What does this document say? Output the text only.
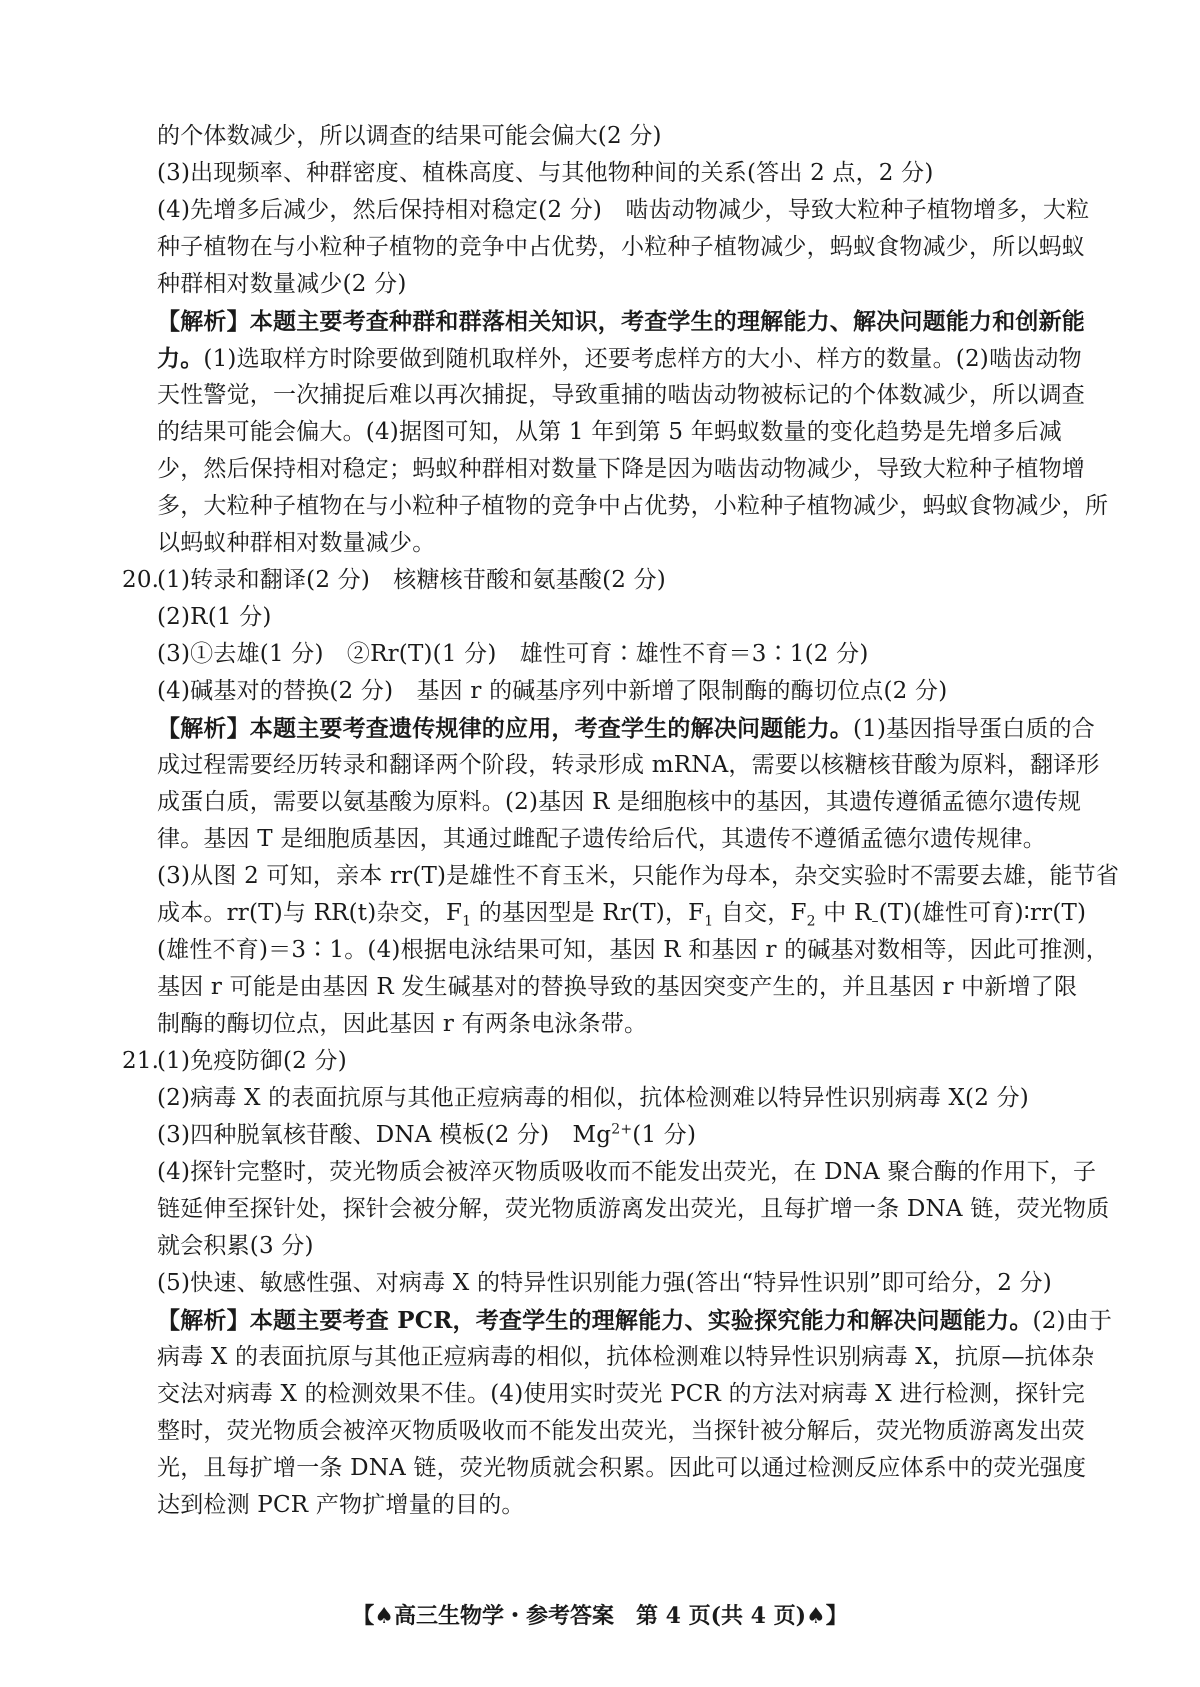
的个体数减少，所以调查的结果可能会偏大(2 分)
(3)出现频率、种群密度、植株高度、与其他物种间的关系(答出 2 点，2 分)
(4)先增多后减少，然后保持相对稳定(2 分)　啮齿动物减少，导致大粒种子植物增多，大粒
种子植物在与小粒种子植物的竞争中占优势，小粒种子植物减少，蚂蚁食物减少，所以蚂蚁
种群相对数量减少(2 分)
【解析】本题主要考查种群和群落相关知识，考查学生的理解能力、解决问题能力和创新能
力。(1)选取样方时除要做到随机取样外，还要考虑样方的大小、样方的数量。(2)啮齿动物
天性警觉，一次捕捉后难以再次捕捉，导致重捕的啮齿动物被标记的个体数减少，所以调查
的结果可能会偏大。(4)据图可知，从第 1 年到第 5 年蚂蚁数量的变化趋势是先增多后减
少，然后保持相对稳定；蚂蚁种群相对数量下降是因为啮齿动物减少，导致大粒种子植物增
多，大粒种子植物在与小粒种子植物的竞争中占优势，小粒种子植物减少，蚂蚁食物减少，所
以蚂蚁种群相对数量减少。
20.(1)转录和翻译(2 分)　核糖核苷酸和氨基酸(2 分)
(2)R(1 分)
(3)①去雄(1 分)　②Rr(T)(1 分)　雄性可育∶雄性不育＝3∶1(2 分)
(4)碱基对的替换(2 分)　基因 r 的碱基序列中新增了限制酶的酶切位点(2 分)
【解析】本题主要考查遗传规律的应用，考查学生的解决问题能力。(1)基因指导蛋白质的合
成过程需要经历转录和翻译两个阶段，转录形成 mRNA，需要以核糖核苷酸为原料，翻译形
成蛋白质，需要以氨基酸为原料。(2)基因 R 是细胞核中的基因，其遗传遵循孟德尔遗传规
律。基因 T 是细胞质基因，其通过雌配子遗传给后代，其遗传不遵循孟德尔遗传规律。
(3)从图 2 可知，亲本 rr(T)是雄性不育玉米，只能作为母本，杂交实验时不需要去雄，能节省
成本。rr(T)与 RR(t)杂交，$F_1$ 的基因型是 Rr(T)，$F_1$ 自交，$F_2$ 中 $R_-(T)$(雄性可育)∶rr(T)
(雄性不育)＝3∶1。(4)根据电泳结果可知，基因 R 和基因 r 的碱基对数相等，因此可推测，
基因 r 可能是由基因 R 发生碱基对的替换导致的基因突变产生的，并且基因 r 中新增了限
制酶的酶切位点，因此基因 r 有两条电泳条带。
21.(1)免疫防御(2 分)
(2)病毒 X 的表面抗原与其他正痘病毒的相似，抗体检测难以特异性识别病毒 X(2 分)
(3)四种脱氧核苷酸、DNA 模板(2 分)　$Mg^{2+}(1$ 分)
(4)探针完整时，荧光物质会被淬灭物质吸收而不能发出荧光，在 DNA 聚合酶的作用下，子
链延伸至探针处，探针会被分解，荧光物质游离发出荧光，且每扩增一条 DNA 链，荧光物质
就会积累(3 分)
(5)快速、敏感性强、对病毒 X 的特异性识别能力强(答出“特异性识别”即可给分，2 分)
【解析】本题主要考查 PCR，考查学生的理解能力、实验探究能力和解决问题能力。(2)由于
病毒 X 的表面抗原与其他正痘病毒的相似，抗体检测难以特异性识别病毒 X，抗原—抗体杂
交法对病毒 X 的检测效果不佳。(4)使用实时荧光 PCR 的方法对病毒 X 进行检测，探针完
整时，荧光物质会被淬灭物质吸收而不能发出荧光，当探针被分解后，荧光物质游离发出荧
光，且每扩增一条 DNA 链，荧光物质就会积累。因此可以通过检测反应体系中的荧光强度
达到检测 PCR 产物扩增量的目的。
【♠高三生物学・参考答案　第 4 页(共 4 页)♠】
